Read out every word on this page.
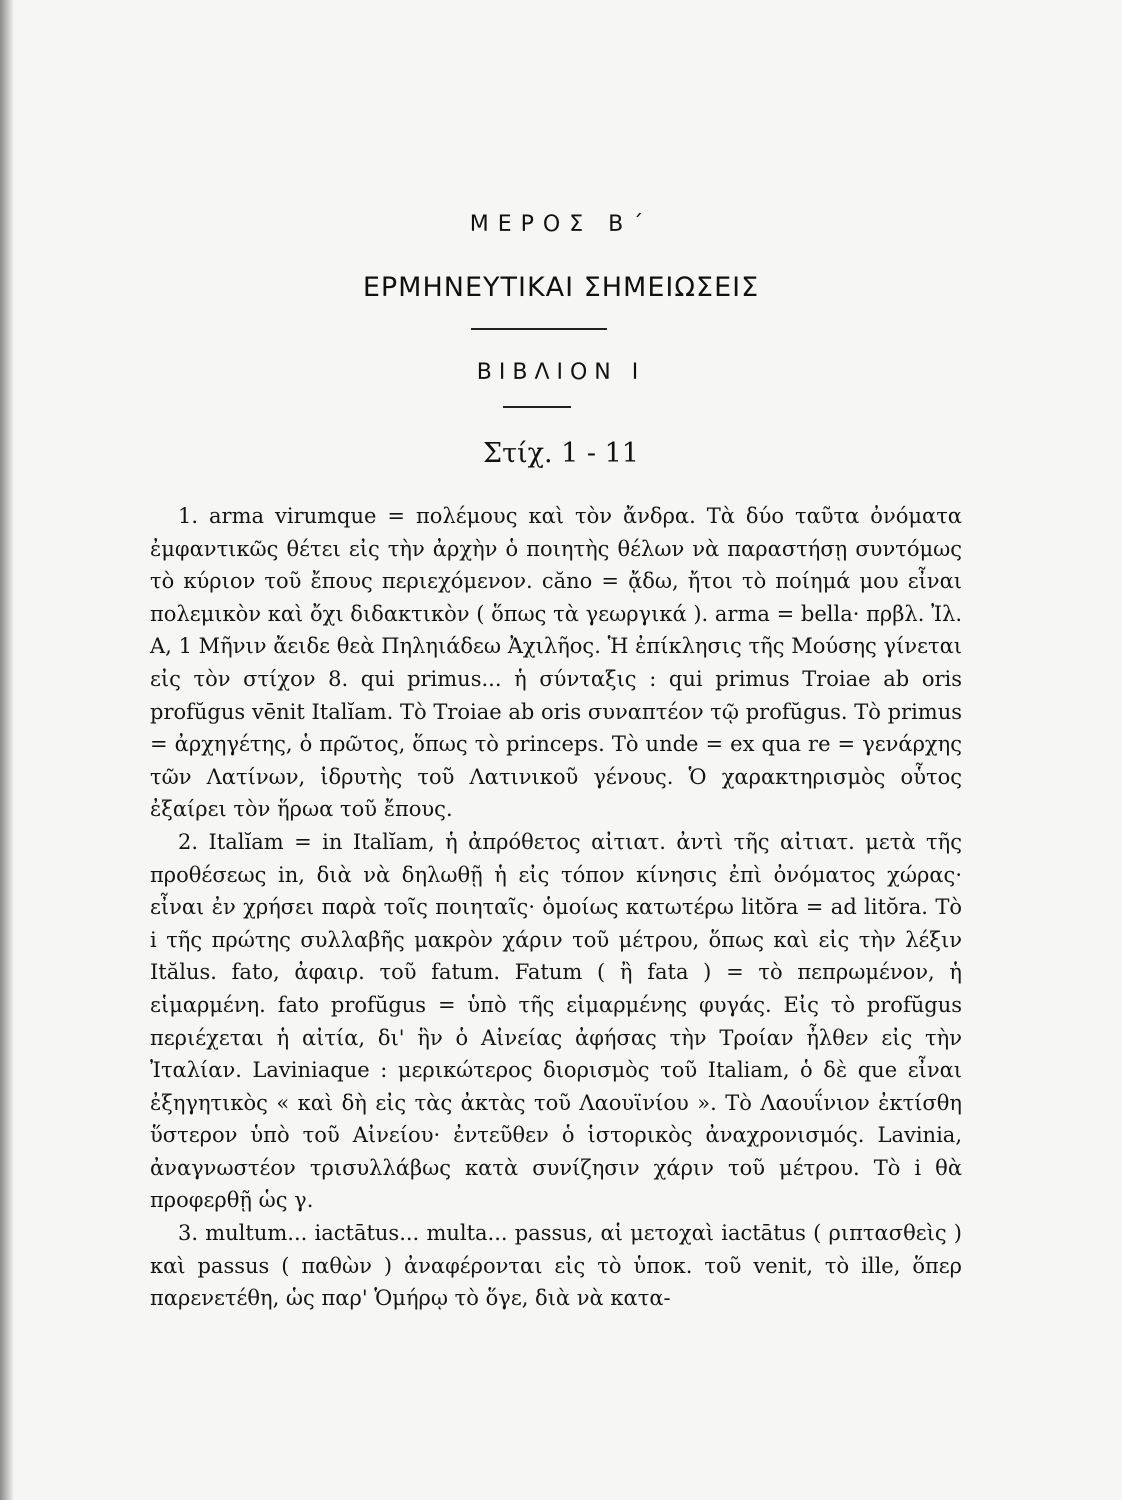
ΜΕΡΟΣ Β΄
ΕΡΜΗΝΕΥΤΙΚΑΙ ΣΗΜΕΙΩΣΕΙΣ
ΒΙΒΛΙΟΝ Ι
Στίχ. 1 - 11

1. arma virumque = πολέμους καὶ τὸν ἄνδρα. Τὰ δύο ταῦτα ὀνόματα ἐμφαντικῶς θέτει εἰς τὴν ἀρχὴν ὁ ποιητὴς θέλων νὰ παραστήσῃ συντόμως τὸ κύριον τοῦ ἔπους περιεχόμενον. căno = ᾄδω, ἤτοι τὸ ποίημά μου εἶναι πολεμικὸν καὶ ὄχι διδακτικὸν ( ὅπως τὰ γεωργικά ). arma = bella· πρβλ. Ἰλ. Α, 1 Μῆνιν ἄειδε θεὰ Πηληιάδεω Ἀχιλῆος. Ἡ ἐπίκλησις τῆς Μούσης γίνεται εἰς τὸν στίχον 8. qui primus... ἡ σύνταξις : qui primus Troiae ab oris profŭgus vēnit Italĭam. Τὸ Troiae ab oris συναπτέον τῷ profŭgus. Τὸ primus = ἀρχηγέτης, ὁ πρῶτος, ὅπως τὸ princeps. Τὸ unde = ex qua re = γενάρχης τῶν Λατίνων, ἱδρυτὴς τοῦ Λατινικοῦ γένους. Ὁ χαρακτηρισμὸς οὗτος ἐξαίρει τὸν ἥρωα τοῦ ἔπους.

2. Italĭam = in Italĭam, ἡ ἀπρόθετος αἰτιατ. ἀντὶ τῆς αἰτιατ. μετὰ τῆς προθέσεως in, διὰ νὰ δηλωθῇ ἡ εἰς τόπον κίνησις ἐπὶ ὀνόματος χώρας· εἶναι ἐν χρήσει παρὰ τοῖς ποιηταῖς· ὁμοίως κατωτέρω litŏra = ad litŏra. Τὸ i τῆς πρώτης συλλαβῆς μακρὸν χάριν τοῦ μέτρου, ὅπως καὶ εἰς τὴν λέξιν Itălus. fato, ἀφαιρ. τοῦ fatum. Fatum ( ἢ fata ) = τὸ πεπρωμένον, ἡ εἱμαρμένη. fato profŭgus = ὑπὸ τῆς εἱμαρμένης φυγάς. Εἰς τὸ profŭgus περιέχεται ἡ αἰτία, δι' ἣν ὁ Αἰνείας ἀφήσας τὴν Τροίαν ἦλθεν εἰς τὴν Ἰταλίαν. Laviniaque : μερικώτερος διορισμὸς τοῦ Italiam, ὁ δὲ que εἶναι ἐξηγητικὸς « καὶ δὴ εἰς τὰς ἀκτὰς τοῦ Λαουϊνίου ». Τὸ Λαουΐνιον ἐκτίσθη ὕστερον ὑπὸ τοῦ Αἰνείου· ἐντεῦθεν ὁ ἱστορικὸς ἀναχρονισμός. Lavinia, ἀναγνωστέον τρισυλλάβως κατὰ συνίζησιν χάριν τοῦ μέτρου. Τὸ i θὰ προφερθῇ ὡς γ.

3. multum... iactātus... multa... passus, αἱ μετοχαὶ iactātus ( ριπτασθεὶς ) καὶ passus ( παθὼν ) ἀναφέρονται εἰς τὸ ὑποκ. τοῦ venit, τὸ ille, ὅπερ παρενετέθη, ὡς παρ' Ὁμήρῳ τὸ ὅγε, διὰ νὰ κατα-
